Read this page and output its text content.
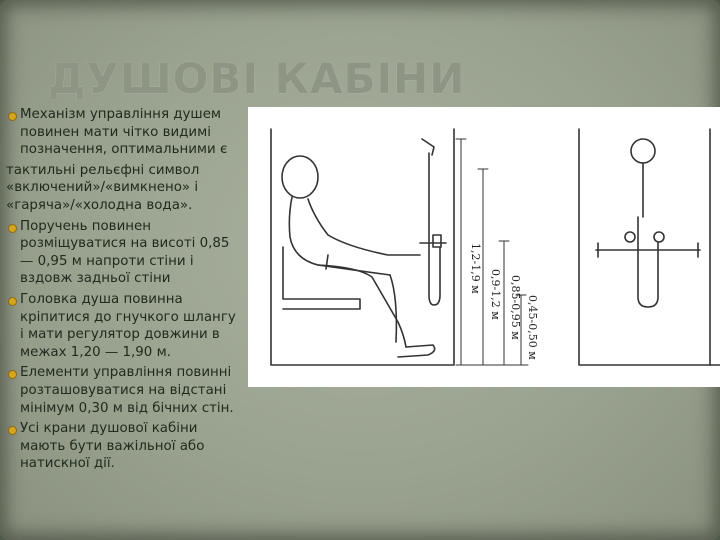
ДУШОВІ КАБІНИ
Механізм управління душем повинен мати чітко видимі позначення, оптимальними є
тактильні рельєфні символ «включений»/«вимкнено» і «гаряча»/«холодна вода».
Поручень повинен розміщуватися на висоті 0,85 — 0,95 м напроти стіни і вздовж задньої стіни
Головка душа повинна кріпитися до гнучкого шлангу і мати регулятор довжини в межах 1,20 — 1,90 м.
Елементи управління повинні розташовуватися на відстані мінімум 0,30 м від бічних стін.
Усі крани душової кабіни мають бути важільної або натискної дії.
1,2-1,9 м
0,9-1,2 м 0,85-0,95 м 0,45-0,50 м
